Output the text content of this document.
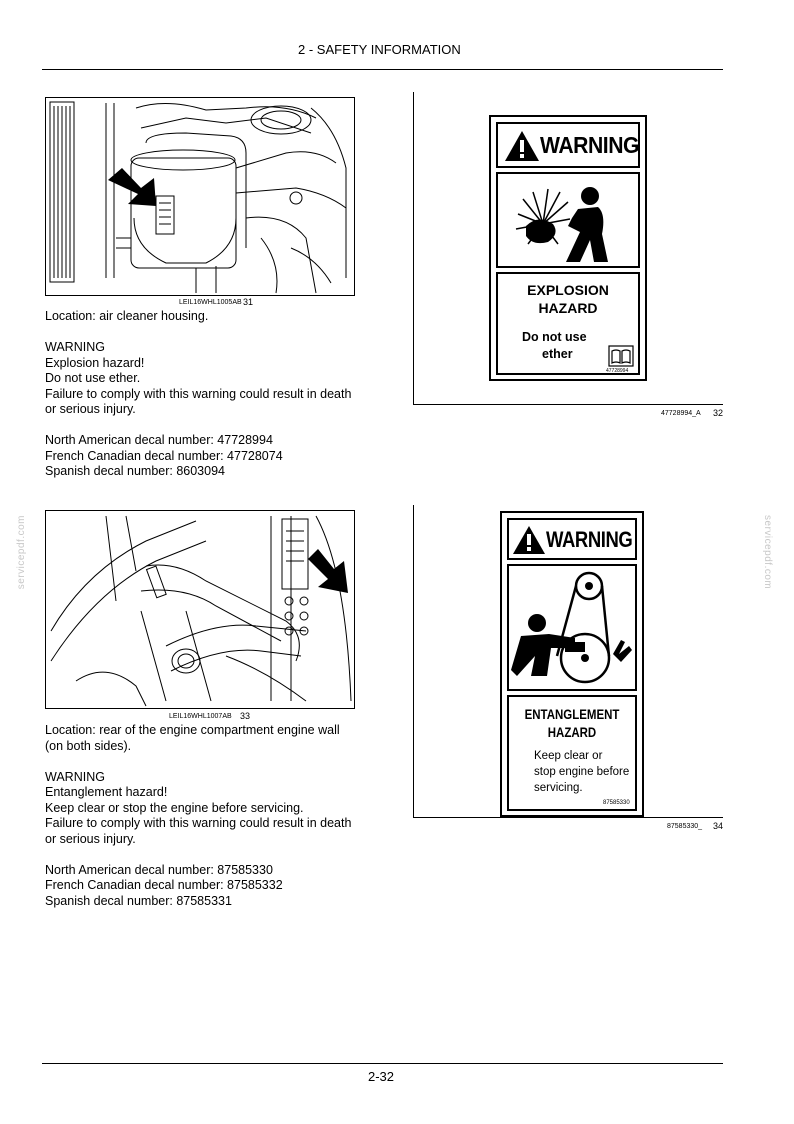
2 - SAFETY INFORMATION
servicepdf.com	servicepdf.com
LEIL16WHL1005AB 31
Location: air cleaner housing.
WARNING
Explosion hazard!
Do not use ether.
Failure to comply with this warning could result in death
or serious injury.
North American decal number: 47728994
French Canadian decal number: 47728074
Spanish decal number: 8603094
WARNING
EXPLOSION
HAZARD
Do not use
ether
47728994
47728994_A 32
LEIL16WHL1007AB 33
Location: rear of the engine compartment engine wall
(on both sides).
WARNING
Entanglement hazard!
Keep clear or stop the engine before servicing.
Failure to comply with this warning could result in death
or serious injury.
North American decal number: 87585330
French Canadian decal number: 87585332
Spanish decal number: 87585331
WARNING
ENTANGLEMENT
HAZARD
Keep clear or
stop engine before
servicing.
87585330
87585330_ 34
2-32
